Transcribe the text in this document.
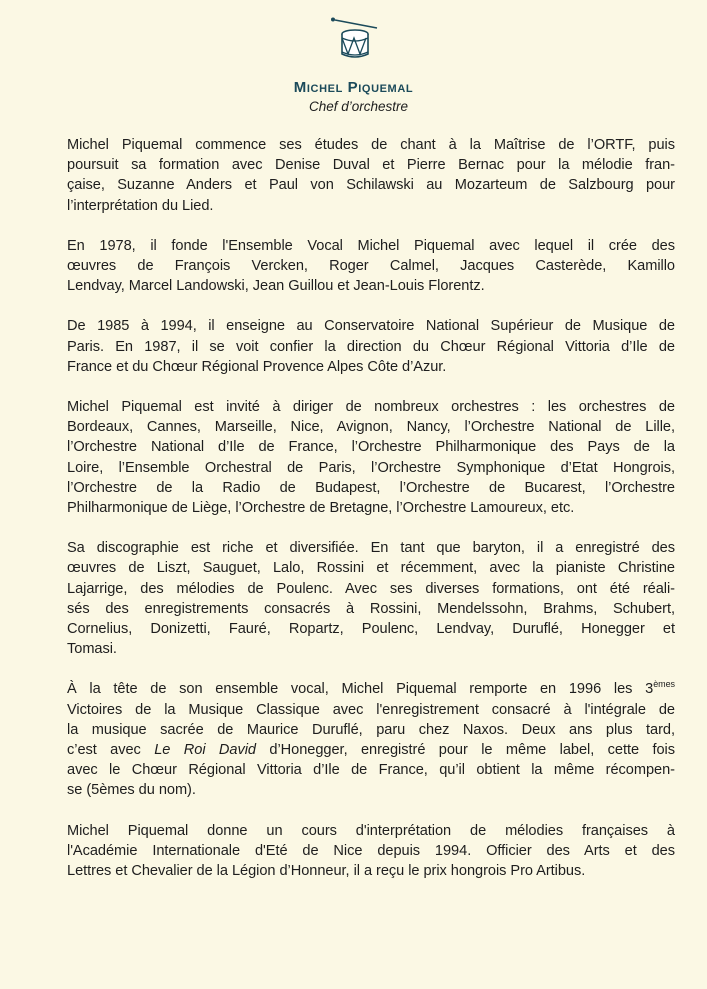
Michel Piquemal
Chef d’orchestre

Michel Piquemal commence ses études de chant à la Maîtrise de l’ORTF, puis
poursuit sa formation avec Denise Duval et Pierre Bernac pour la mélodie fran-
çaise, Suzanne Anders et Paul von Schilawski au Mozarteum de Salzbourg pour
l’interprétation du Lied.

En 1978, il fonde l'Ensemble Vocal Michel Piquemal avec lequel il crée des
œuvres de François Vercken, Roger Calmel, Jacques Casterède, Kamillo
Lendvay, Marcel Landowski, Jean Guillou et Jean-Louis Florentz.

De 1985 à 1994, il enseigne au Conservatoire National Supérieur de Musique de
Paris. En 1987, il se voit confier la direction du Chœur Régional Vittoria d’Ile de
France et du Chœur Régional Provence Alpes Côte d’Azur.

Michel Piquemal est invité à diriger de nombreux orchestres : les orchestres de
Bordeaux, Cannes, Marseille, Nice, Avignon, Nancy, l’Orchestre National de Lille,
l’Orchestre National d’Ile de France, l’Orchestre Philharmonique des Pays de la
Loire, l’Ensemble Orchestral de Paris, l’Orchestre Symphonique d’Etat Hongrois,
l’Orchestre de la Radio de Budapest, l’Orchestre de Bucarest, l’Orchestre
Philharmonique de Liège, l’Orchestre de Bretagne, l’Orchestre Lamoureux, etc.

Sa discographie est riche et diversifiée. En tant que baryton, il a enregistré des
œuvres de Liszt, Sauguet, Lalo, Rossini et récemment, avec la pianiste Christine
Lajarrige, des mélodies de Poulenc. Avec ses diverses formations, ont été réali-
sés des enregistrements consacrés à Rossini, Mendelssohn, Brahms, Schubert,
Cornelius, Donizetti, Fauré, Ropartz, Poulenc, Lendvay, Duruflé, Honegger et
Tomasi.

À la tête de son ensemble vocal, Michel Piquemal remporte en 1996 les 3èmes
Victoires de la Musique Classique avec l'enregistrement consacré à l'intégrale de
la musique sacrée de Maurice Duruflé, paru chez Naxos. Deux ans plus tard,
c’est avec Le Roi David d’Honegger, enregistré pour le même label, cette fois
avec le Chœur Régional Vittoria d’Ile de France, qu’il obtient la même récompen-
se (5èmes du nom).

Michel Piquemal donne un cours d'interprétation de mélodies françaises à
l'Académie Internationale d'Eté de Nice depuis 1994. Officier des Arts et des
Lettres et Chevalier de la Légion d’Honneur, il a reçu le prix hongrois Pro Artibus.
